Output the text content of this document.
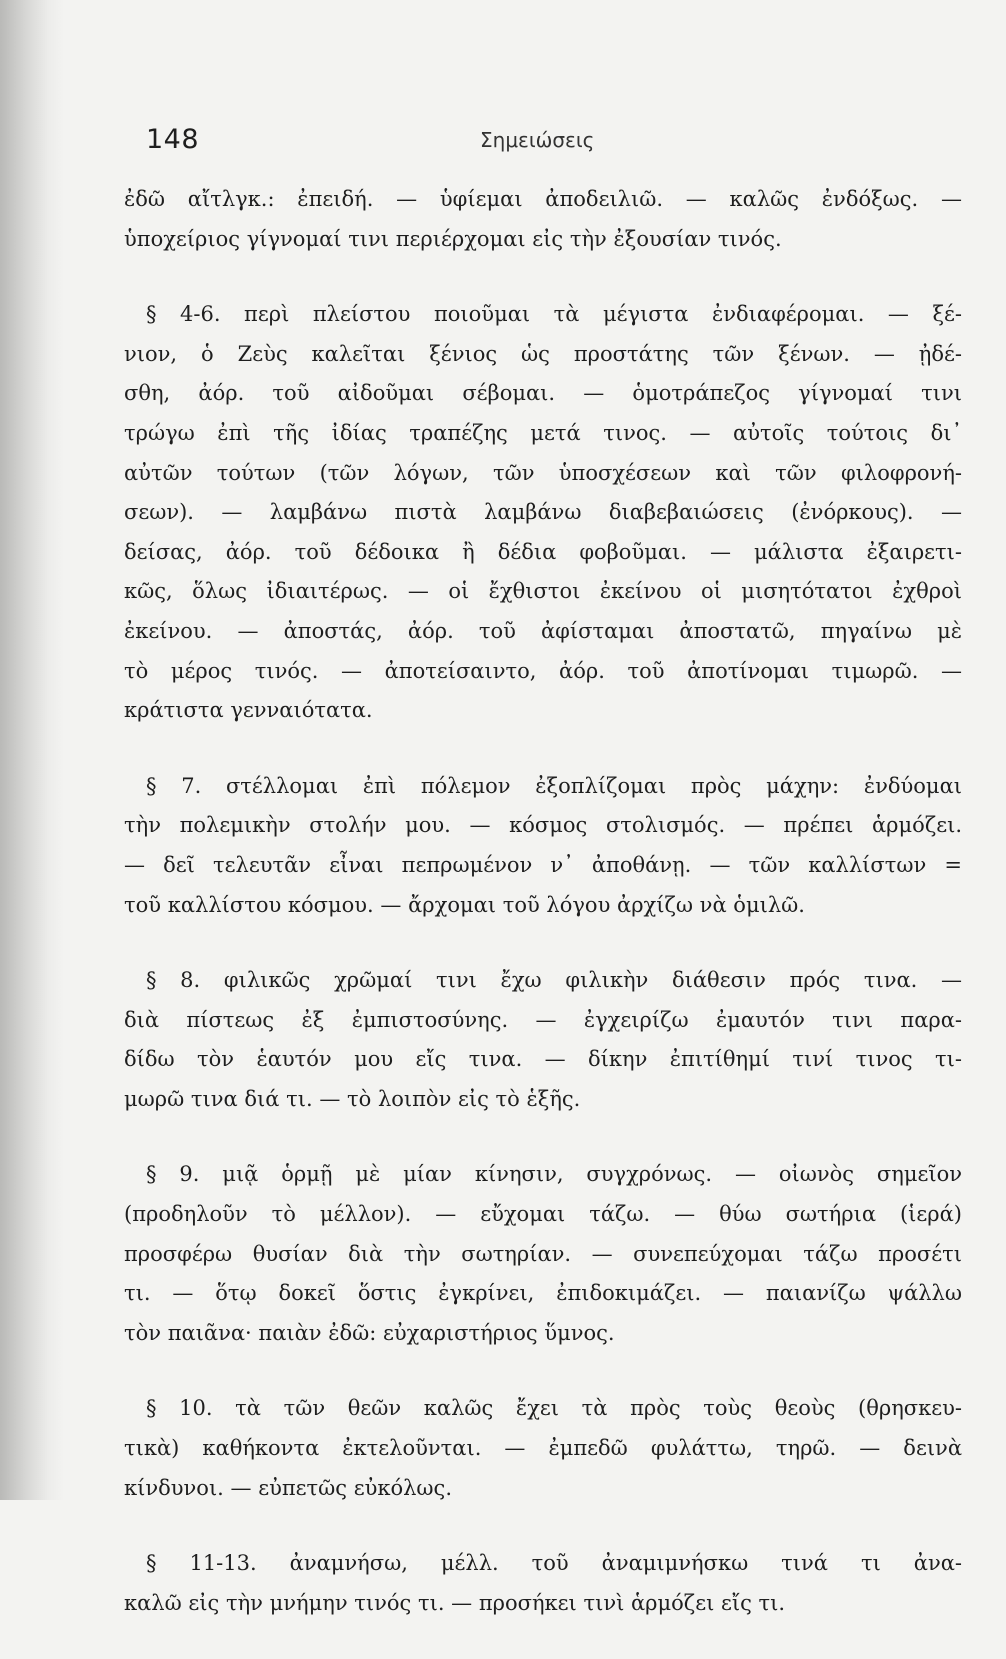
148	Σημειώσεις
ἐδῶ αἴτλγκ.: ἐπειδή. — ὑφίεμαι ἀποδειλιῶ. — καλῶς ἐνδόξως. —
ὑποχείριος γίγνομαί τινι περιέρχομαι εἰς τὴν ἐξουσίαν τινός.
§ 4-6. περὶ πλείστου ποιοῦμαι τὰ μέγιστα ἐνδιαφέρομαι. — ξέ-
νιον, ὁ Ζεὺς καλεῖται ξένιος ὡς προστάτης τῶν ξένων. — ᾐδέ-
σθη, ἀόρ. τοῦ αἰδοῦμαι σέβομαι. — ὁμοτράπεζος γίγνομαί τινι
τρώγω ἐπὶ τῆς ἰδίας τραπέζης μετά τινος. — αὐτοῖς τούτοις δι᾽
αὐτῶν τούτων (τῶν λόγων, τῶν ὑποσχέσεων καὶ τῶν φιλοφρονή-
σεων). — λαμβάνω πιστὰ λαμβάνω διαβεβαιώσεις (ἐνόρκους). —
δείσας, ἀόρ. τοῦ δέδοικα ἢ δέδια φοβοῦμαι. — μάλιστα ἐξαιρετι-
κῶς, ὅλως ἰδιαιτέρως. — οἱ ἔχθιστοι ἐκείνου οἱ μισητότατοι ἐχθροὶ
ἐκείνου. — ἀποστάς, ἀόρ. τοῦ ἀφίσταμαι ἀποστατῶ, πηγαίνω μὲ
τὸ μέρος τινός. — ἀποτείσαιντο, ἀόρ. τοῦ ἀποτίνομαι τιμωρῶ. —
κράτιστα γενναιότατα.
§ 7. στέλλομαι ἐπὶ πόλεμον ἐξοπλίζομαι πρὸς μάχην: ἐνδύομαι
τὴν πολεμικὴν στολήν μου. — κόσμος στολισμός. — πρέπει ἁρμόζει.
— δεῖ τελευτᾶν εἶναι πεπρωμένον ν᾽ ἀποθάνῃ. — τῶν καλλίστων =
τοῦ καλλίστου κόσμου. — ἄρχομαι τοῦ λόγου ἀρχίζω νὰ ὁμιλῶ.
§ 8. φιλικῶς χρῶμαί τινι ἔχω φιλικὴν διάθεσιν πρός τινα. —
διὰ πίστεως ἐξ ἐμπιστοσύνης. — ἐγχειρίζω ἐμαυτόν τινι παρα-
δίδω τὸν ἑαυτόν μου εἴς τινα. — δίκην ἐπιτίθημί τινί τινος τι-
μωρῶ τινα διά τι. — τὸ λοιπὸν εἰς τὸ ἑξῆς.
§ 9. μιᾷ ὁρμῇ μὲ μίαν κίνησιν, συγχρόνως. — οἰωνὸς σημεῖον
(προδηλοῦν τὸ μέλλον). — εὔχομαι τάζω. — θύω σωτήρια (ἱερά)
προσφέρω θυσίαν διὰ τὴν σωτηρίαν. — συνεπεύχομαι τάζω προσέτι
τι. — ὅτῳ δοκεῖ ὅστις ἐγκρίνει, ἐπιδοκιμάζει. — παιανίζω ψάλλω
τὸν παιᾶνα· παιὰν ἐδῶ: εὐχαριστήριος ὕμνος.
§ 10. τὰ τῶν θεῶν καλῶς ἔχει τὰ πρὸς τοὺς θεοὺς (θρησκευ-
τικὰ) καθήκοντα ἐκτελοῦνται. — ἐμπεδῶ φυλάττω, τηρῶ. — δεινὰ
κίνδυνοι. — εὐπετῶς εὐκόλως.
§ 11-13. ἀναμνήσω, μέλλ. τοῦ ἀναμιμνήσκω τινά τι ἀνα-
καλῶ εἰς τὴν μνήμην τινός τι. — προσήκει τινὶ ἁρμόζει εἴς τι.
